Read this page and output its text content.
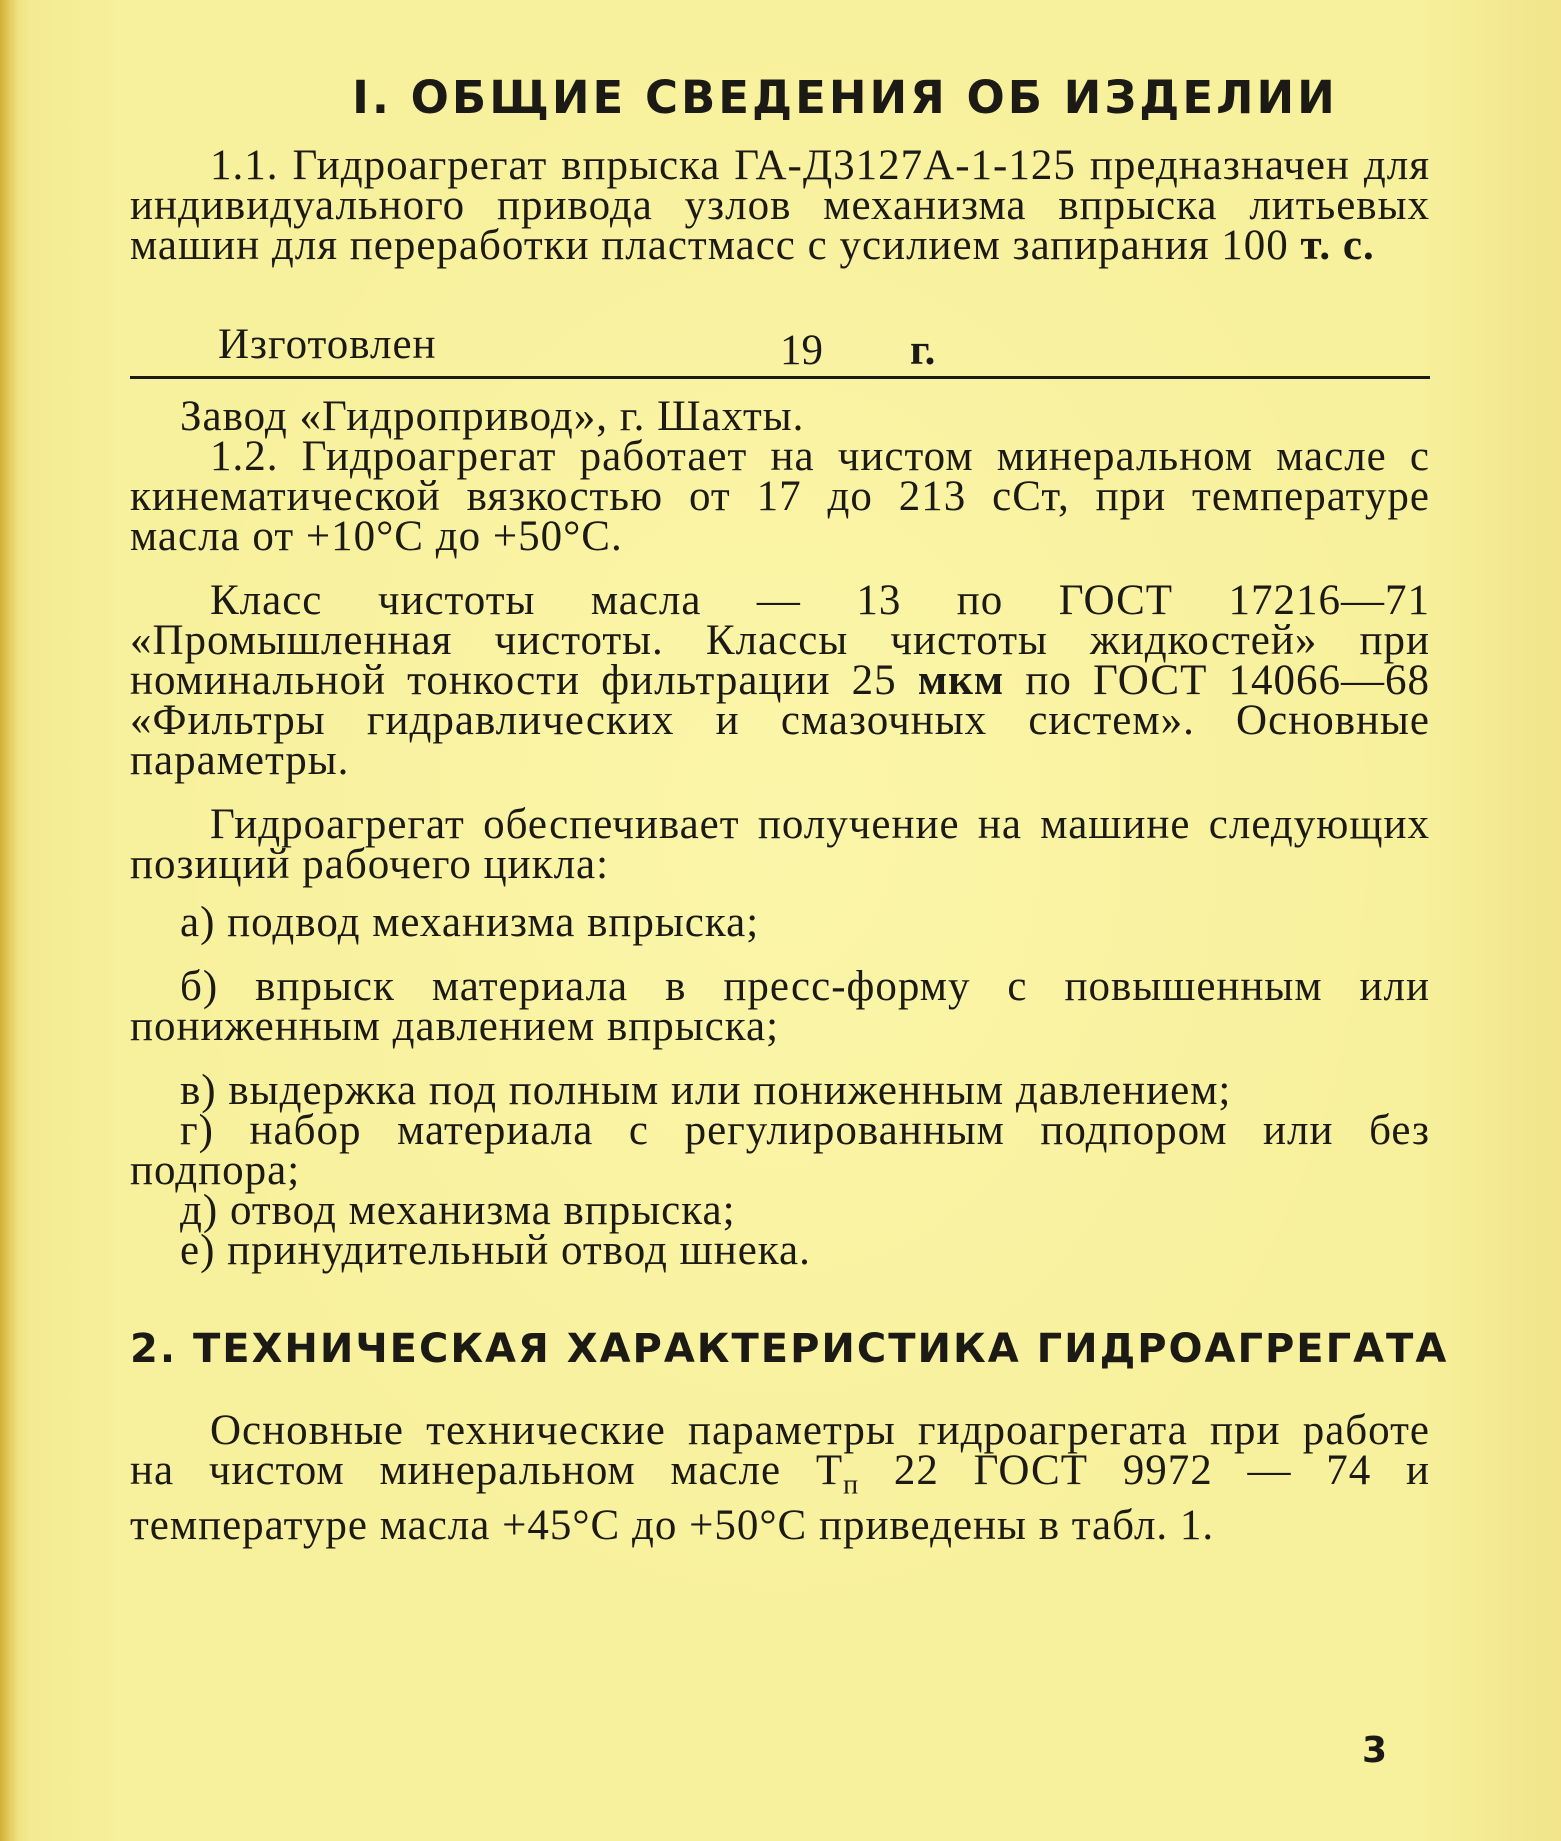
I. ОБЩИЕ СВЕДЕНИЯ ОБ ИЗДЕЛИИ

1.1. Гидроагрегат впрыска ГА-Д3127А-1-125 предназначен для индивидуального привода узлов механизма впрыска литьевых машин для переработки пластмасс с усилием запирания 100 т. с.

Изготовлен	19 г.

Завод «Гидропривод», г. Шахты.

1.2. Гидроагрегат работает на чистом минеральном масле с кинематической вязкостью от 17 до 213 сСт, при температуре масла от +10°С до +50°С.

Класс чистоты масла — 13 по ГОСТ 17216—71 «Промышленная чистоты. Классы чистоты жидкостей» при номинальной тонкости фильтрации 25 мкм по ГОСТ 14066—68 «Фильтры гидравлических и смазочных систем». Основные параметры.

Гидроагрегат обеспечивает получение на машине следующих позиций рабочего цикла:

а) подвод механизма впрыска;
б) впрыск материала в пресс-форму с повышенным или пониженным давлением впрыска;
в) выдержка под полным или пониженным давлением;
г) набор материала с регулированным подпором или без подпора;
д) отвод механизма впрыска;
е) принудительный отвод шнека.
2. ТЕХНИЧЕСКАЯ ХАРАКТЕРИСТИКА ГИДРОАГРЕГАТА

Основные технические параметры гидроагрегата при работе на чистом минеральном масле $Т_п$ 22 ГОСТ 9972 — 74 и температуре масла +45°С до +50°С приведены в табл. 1.

3
